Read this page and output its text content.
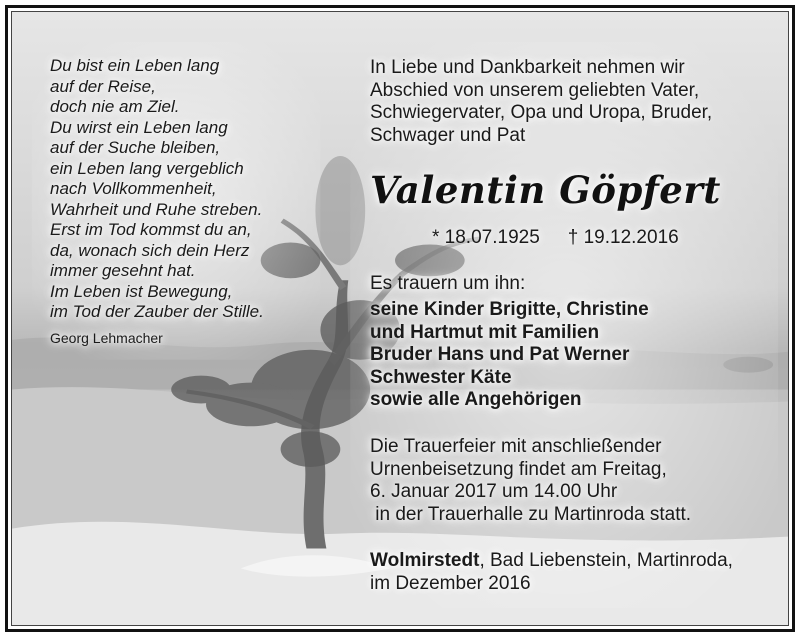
Du bist ein Leben lang
auf der Reise,
doch nie am Ziel.
Du wirst ein Leben lang
auf der Suche bleiben,
ein Leben lang vergeblich
nach Vollkommenheit,
Wahrheit und Ruhe streben.
Erst im Tod kommst du an,
da, wonach sich dein Herz
immer gesehnt hat.
Im Leben ist Bewegung,
im Tod der Zauber der Stille.
Georg Lehmacher
In Liebe und Dankbarkeit nehmen wir
Abschied von unserem geliebten Vater,
Schwiegervater, Opa und Uropa, Bruder,
Schwager und Pat
Valentin Göpfert
* 18.07.1925 † 19.12.2016
Es trauern um ihn:
seine Kinder Brigitte, Christine
und Hartmut mit Familien
Bruder Hans und Pat Werner
Schwester Käte
sowie alle Angehörigen
Die Trauerfeier mit anschließender
Urnenbeisetzung findet am Freitag,
6. Januar 2017 um 14.00 Uhr
in der Trauerhalle zu Martinroda statt.
Wolmirstedt, Bad Liebenstein, Martinroda,
im Dezember 2016
